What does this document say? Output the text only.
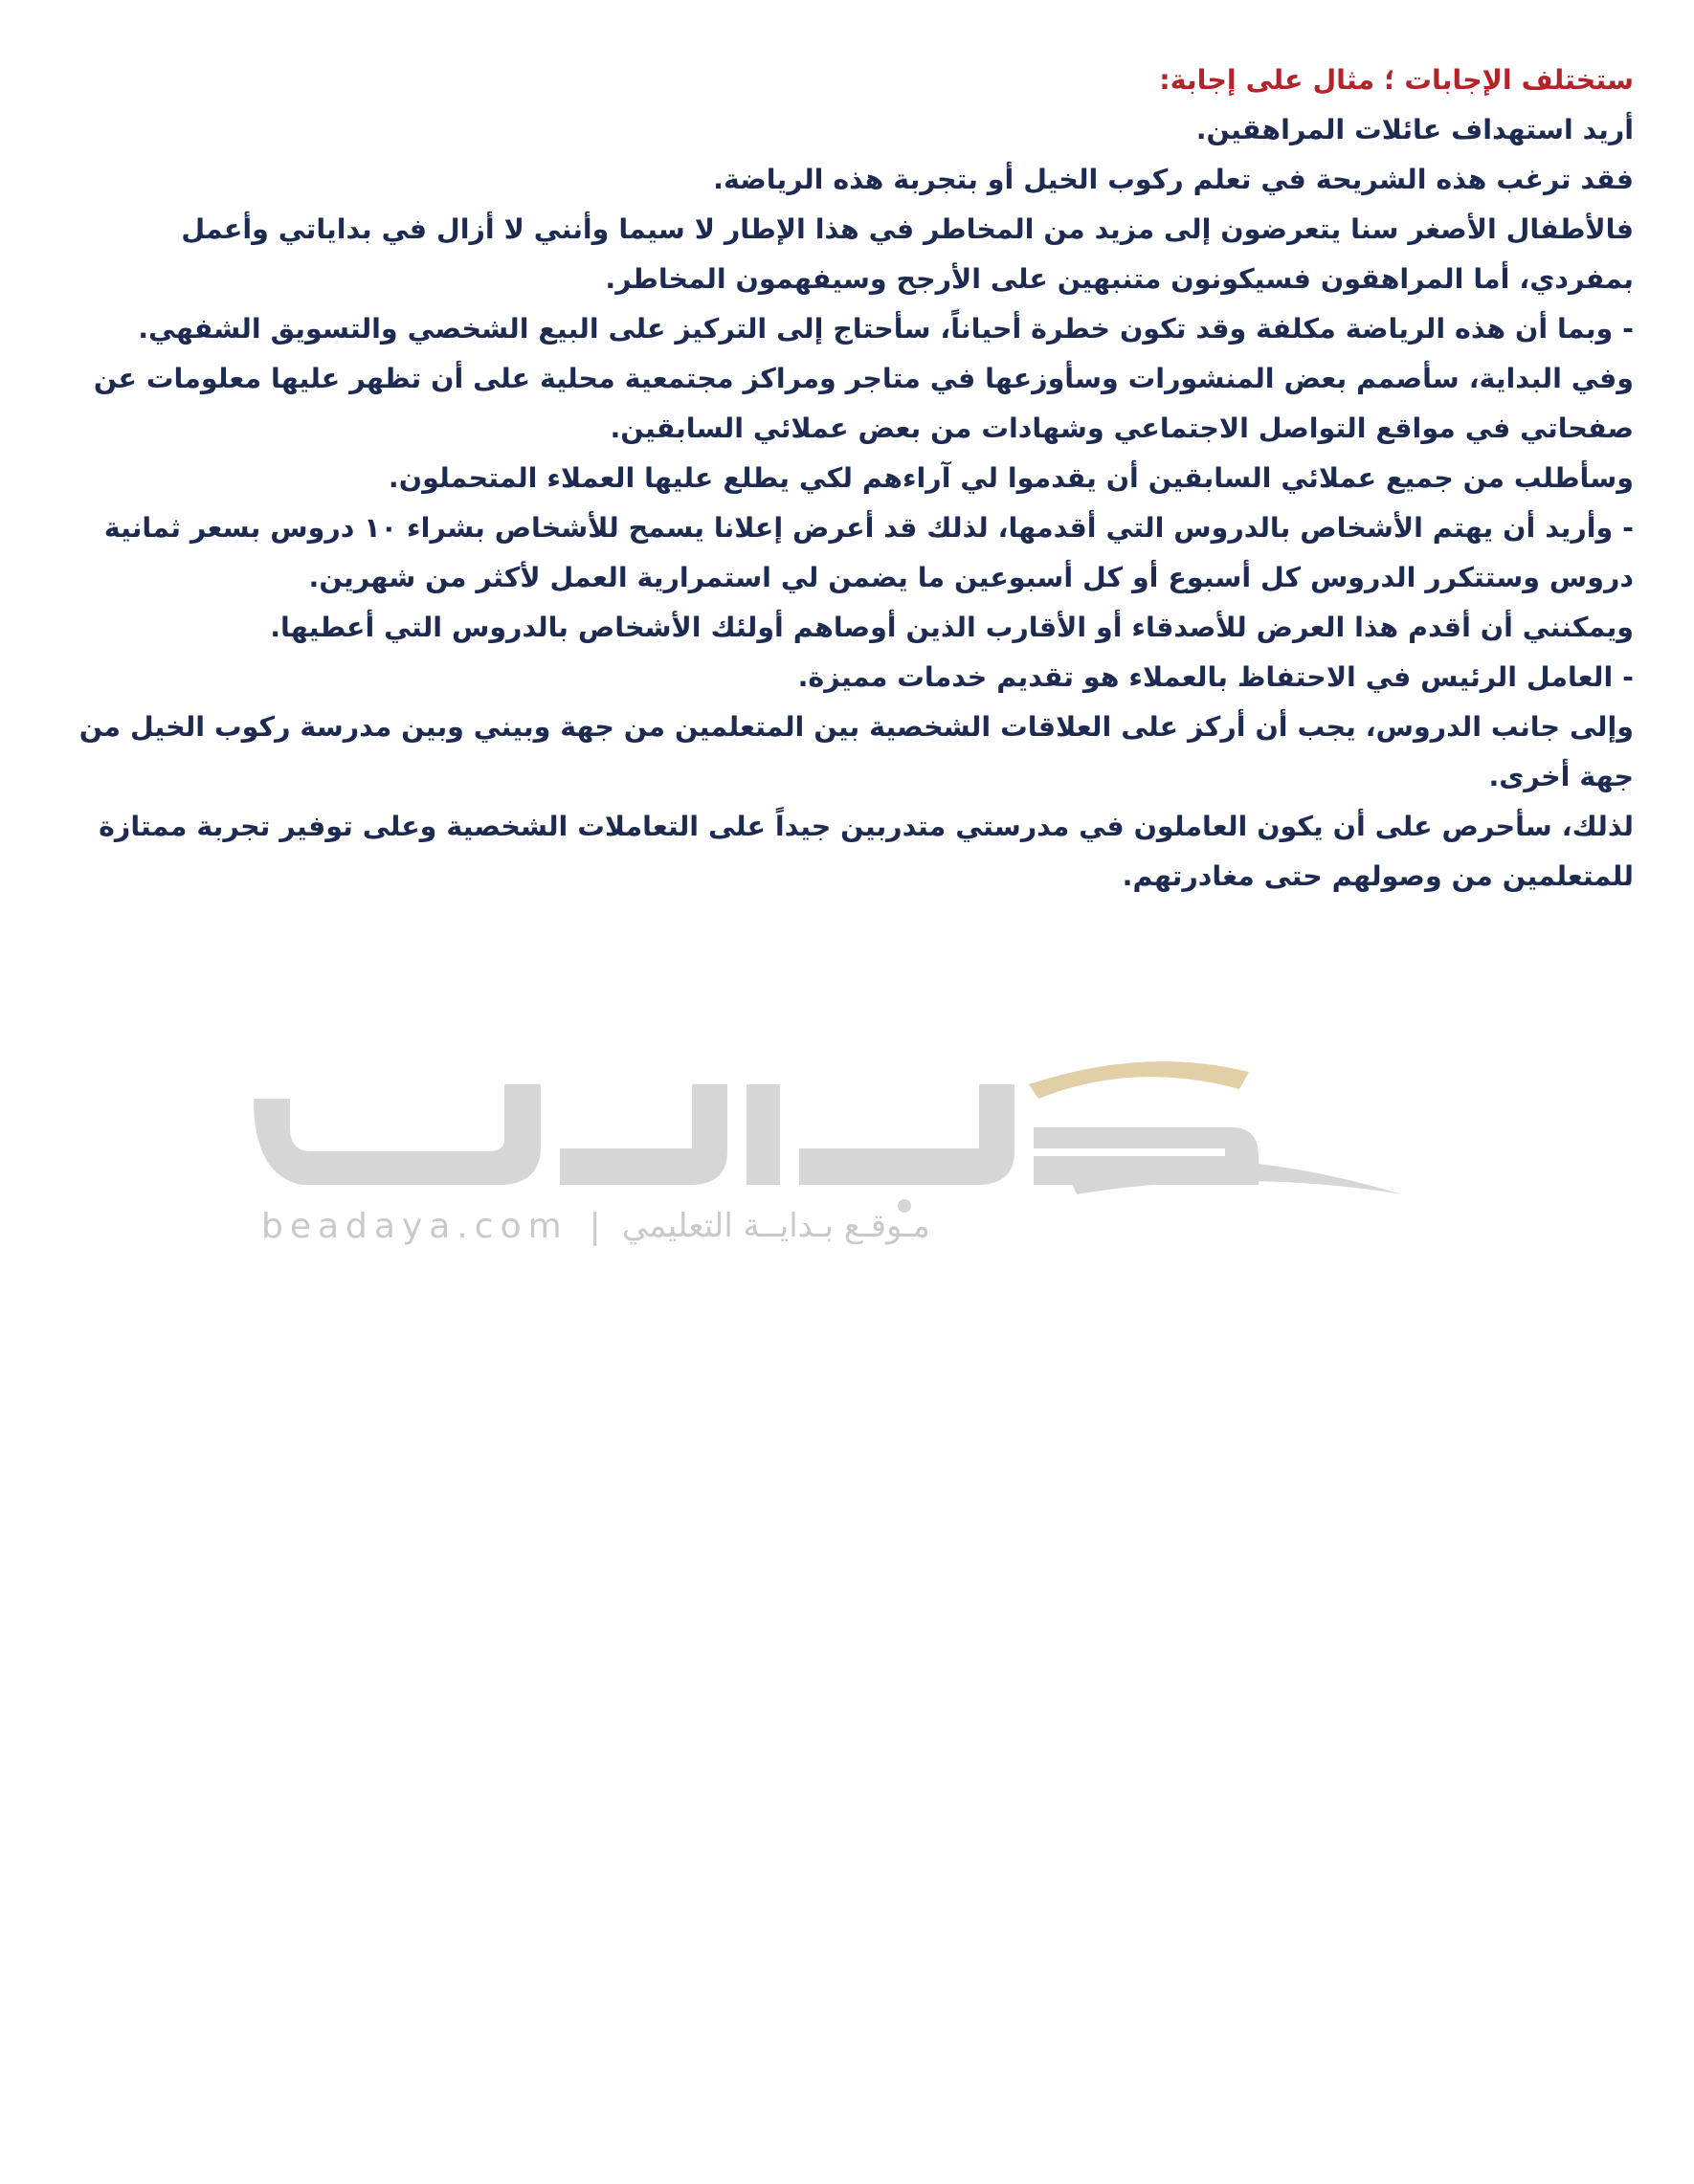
ستختلف الإجابات ؛ مثال على إجابة:

أريد استهداف عائلات المراهقين.

فقد ترغب هذه الشريحة في تعلم ركوب الخيل أو بتجربة هذه الرياضة.

فالأطفال الأصغر سنا يتعرضون إلى مزيد من المخاطر في هذا الإطار لا سيما وأنني لا أزال في بداياتي وأعمل بمفردي، أما المراهقون فسيكونون متنبهين على الأرجح وسيفهمون المخاطر.

- وبما أن هذه الرياضة مكلفة وقد تكون خطرة أحياناً، سأحتاج إلى التركيز على البيع الشخصي والتسويق الشفهي.

وفي البداية، سأصمم بعض المنشورات وسأوزعها في متاجر ومراكز مجتمعية محلية على أن تظهر عليها معلومات عن صفحاتي في مواقع التواصل الاجتماعي وشهادات من بعض عملائي السابقين.

وسأطلب من جميع عملائي السابقين أن يقدموا لي آراءهم لكي يطلع عليها العملاء المتحملون.

- وأريد أن يهتم الأشخاص بالدروس التي أقدمها، لذلك قد أعرض إعلانا يسمح للأشخاص بشراء ١٠ دروس بسعر ثمانية دروس وستتكرر الدروس كل أسبوع أو كل أسبوعين ما يضمن لي استمرارية العمل لأكثر من شهرين.

ويمكنني أن أقدم هذا العرض للأصدقاء أو الأقارب الذين أوصاهم أولئك الأشخاص بالدروس التي أعطيها.

- العامل الرئيس في الاحتفاظ بالعملاء هو تقديم خدمات مميزة.

وإلى جانب الدروس، يجب أن أركز على العلاقات الشخصية بين المتعلمين من جهة وبيني وبين مدرسة ركوب الخيل من جهة أخرى.

لذلك، سأحرص على أن يكون العاملون في مدرستي متدربين جيداً على التعاملات الشخصية وعلى توفير تجربة ممتازة للمتعلمين من وصولهم حتى مغادرتهم.

beadaya.com | مـوقـع بـدايــة التعليمي
